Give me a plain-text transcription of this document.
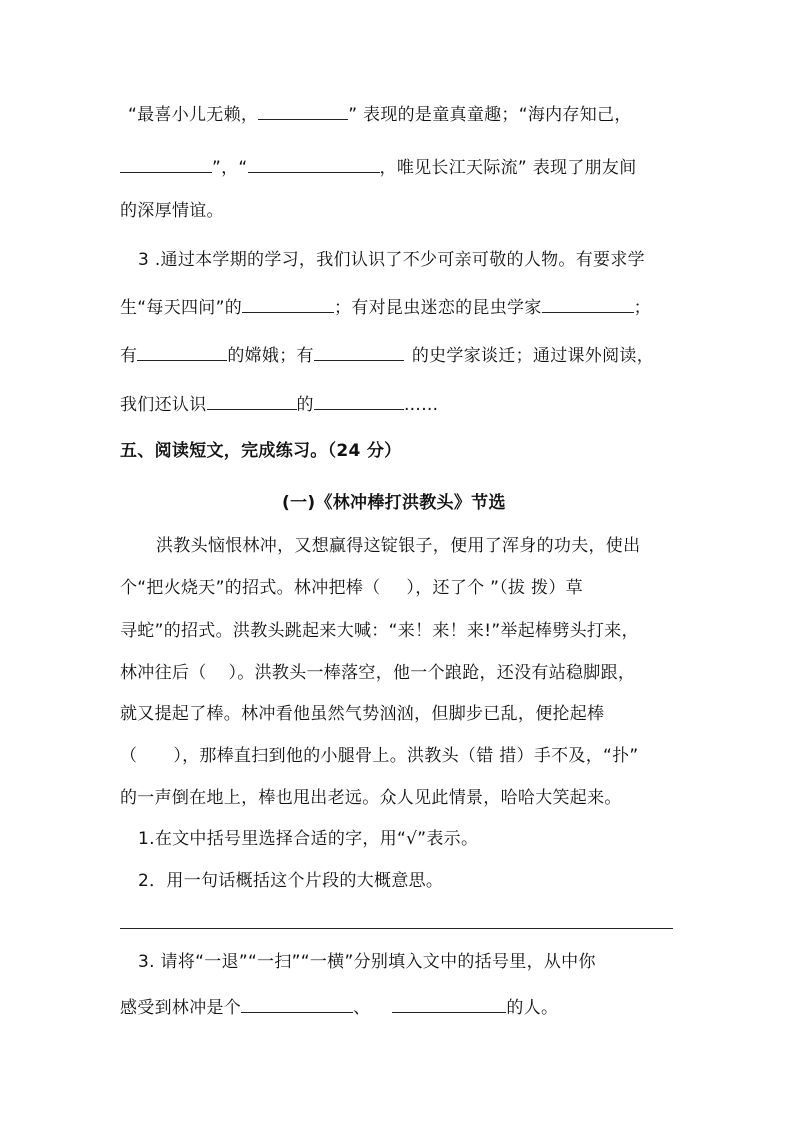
“最喜小儿无赖，	” 表现的是童真童趣；“海内存知己，
”，“	，唯见长江天际流” 表现了朋友间
的深厚情谊。
3 .通过本学期的学习，我们认识了不少可亲可敬的人物。有要求学
生“每天四问”的	；有对昆虫迷恋的昆虫学家	；
有	的嫦娥；有	的史学家谈迁；通过课外阅读，
我们还认识	的	……
五、阅读短文，完成练习。（24 分）
(一)《林冲棒打洪教头》节选
洪教头恼恨林冲，又想赢得这锭银子，便用了浑身的功夫，使出
个“把火烧天”的招式。林冲把棒（ ），还了个 ”（拔 拨）草
寻蛇”的招式。洪教头跳起来大喊：“来！来！来!”举起棒劈头打来，
林冲往后（ ）。洪教头一棒落空，他一个踉跄，还没有站稳脚跟，
就又提起了棒。林冲看他虽然气势汹汹，但脚步已乱，便抡起棒
（ ），那棒直扫到他的小腿骨上。洪教头（错 措）手不及，“扑”
的一声倒在地上，棒也甩出老远。众人见此情景，哈哈大笑起来。
1.在文中括号里选择合适的字，用“√”表示。
2．用一句话概括这个片段的大概意思。
3. 请将“一退”“一扫”“一横”分别填入文中的括号里，从中你
感受到林冲是个	、	的人。
